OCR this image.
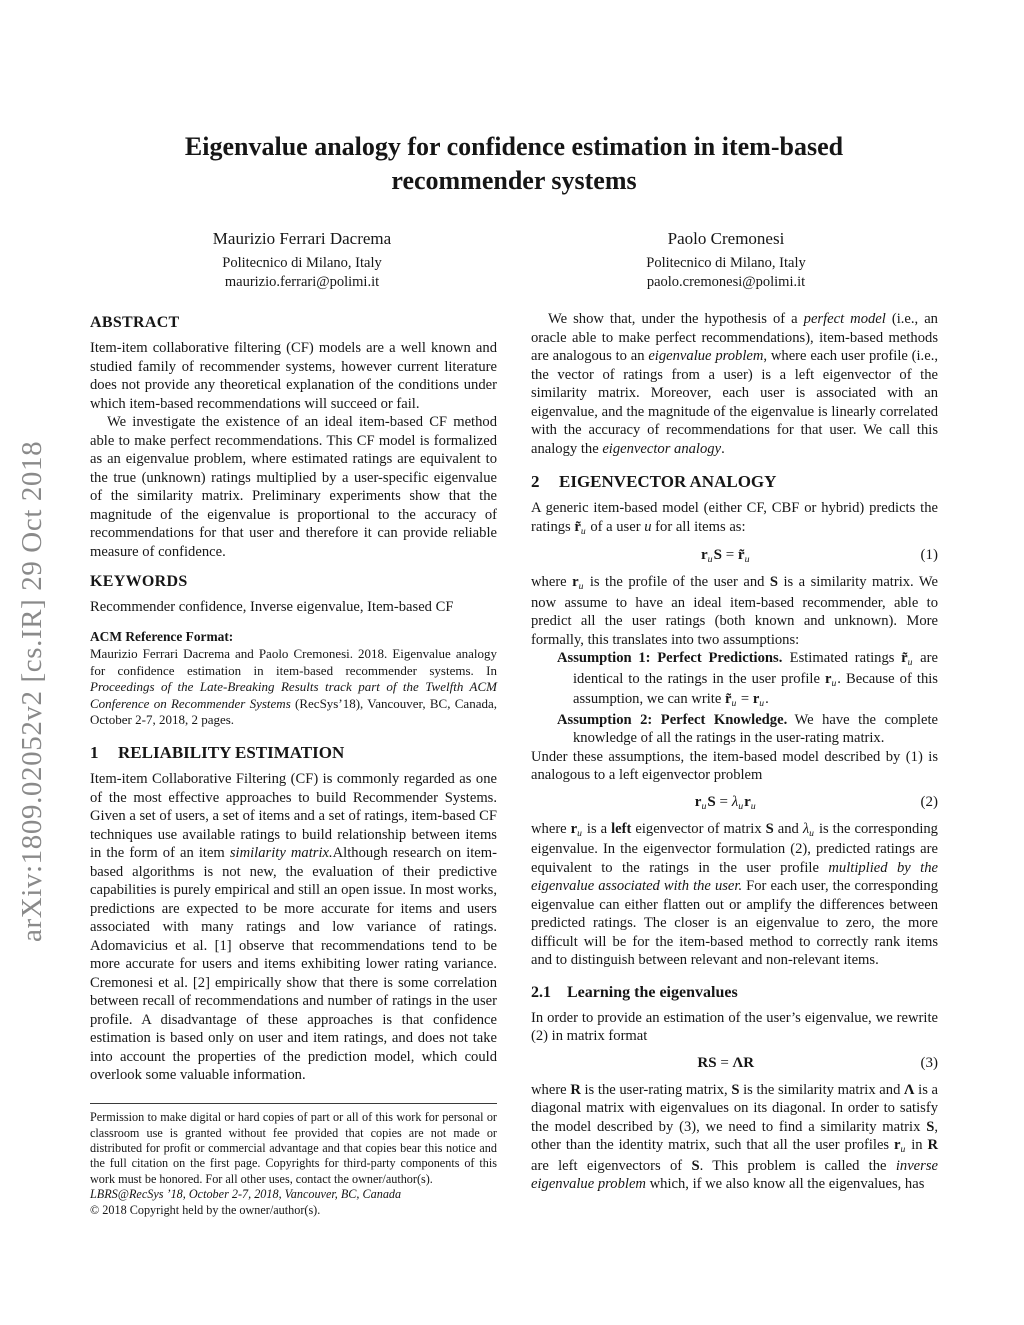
arXiv:1809.02052v2 [cs.IR] 29 Oct 2018
Eigenvalue analogy for confidence estimation in item-based recommender systems
Maurizio Ferrari Dacrema
Politecnico di Milano, Italy
maurizio.ferrari@polimi.it
Paolo Cremonesi
Politecnico di Milano, Italy
paolo.cremonesi@polimi.it
ABSTRACT

Item-item collaborative filtering (CF) models are a well known and studied family of recommender systems, however current literature does not provide any theoretical explanation of the conditions under which item-based recommendations will succeed or fail.

We investigate the existence of an ideal item-based CF method able to make perfect recommendations. This CF model is formalized as an eigenvalue problem, where estimated ratings are equivalent to the true (unknown) ratings multiplied by a user-specific eigenvalue of the similarity matrix. Preliminary experiments show that the magnitude of the eigenvalue is proportional to the accuracy of recommendations for that user and therefore it can provide reliable measure of confidence.

KEYWORDS

Recommender confidence, Inverse eigenvalue, Item-based CF

ACM Reference Format:
Maurizio Ferrari Dacrema and Paolo Cremonesi. 2018. Eigenvalue analogy for confidence estimation in item-based recommender systems. In Proceedings of the Late-Breaking Results track part of the Twelfth ACM Conference on Recommender Systems (RecSys’18), Vancouver, BC, Canada, October 2-7, 2018, 2 pages.
1 RELIABILITY ESTIMATION

Item-item Collaborative Filtering (CF) is commonly regarded as one of the most effective approaches to build Recommender Systems. Given a set of users, a set of items and a set of ratings, item-based CF techniques use available ratings to build relationship between items in the form of an item similarity matrix.Although research on item-based algorithms is not new, the evaluation of their predictive capabilities is purely empirical and still an open issue. In most works, predictions are expected to be more accurate for items and users associated with many ratings and low variance of ratings. Adomavicius et al. [1] observe that recommendations tend to be more accurate for users and items exhibiting lower rating variance. Cremonesi et al. [2] empirically show that there is some correlation between recall of recommendations and number of ratings in the user profile. A disadvantage of these approaches is that confidence estimation is based only on user and item ratings, and does not take into account the properties of the prediction model, which could overlook some valuable information.

Permission to make digital or hard copies of part or all of this work for personal or classroom use is granted without fee provided that copies are not made or distributed for profit or commercial advantage and that copies bear this notice and the full citation on the first page. Copyrights for third-party components of this work must be honored. For all other uses, contact the owner/author(s).
LBRS@RecSys ’18, October 2-7, 2018, Vancouver, BC, Canada
© 2018 Copyright held by the owner/author(s).

We show that, under the hypothesis of a perfect model (i.e., an oracle able to make perfect recommendations), item-based methods are analogous to an eigenvalue problem, where each user profile (i.e., the vector of ratings from a user) is a left eigenvector of the similarity matrix. Moreover, each user is associated with an eigenvalue, and the magnitude of the eigenvalue is linearly correlated with the accuracy of recommendations for that user. We call this analogy the eigenvector analogy.

2 EIGENVECTOR ANALOGY

A generic item-based model (either CF, CBF or hybrid) predicts the ratings $r̃_u$ of a user u for all items as:

$r_uS$ = $r̃_u$	(1)

where $r_u$ is the profile of the user and S is a similarity matrix. We now assume to have an ideal item-based recommender, able to predict all the user ratings (both known and unknown). More formally, this translates into two assumptions:

Assumption 1: Perfect Predictions. Estimated ratings $r̃_u$ are identical to the ratings in the user profile $r_u$. Because of this assumption, we can write $r̃_u = r_u$.

Assumption 2: Perfect Knowledge. We have the complete knowledge of all the ratings in the user-rating matrix.

Under these assumptions, the item-based model described by (1) is analogous to a left eigenvector problem

$r_uS = \lambda_ur_u$	(2)

where $r_u$ is a left eigenvector of matrix S and $\lambda_u$ is the corresponding eigenvalue. In the eigenvector formulation (2), predicted ratings are equivalent to the ratings in the user profile multiplied by the eigenvalue associated with the user. For each user, the corresponding eigenvalue can either flatten out or amplify the differences between predicted ratings. The closer is an eigenvalue to zero, the more difficult will be for the item-based method to correctly rank items and to distinguish between relevant and non-relevant items.

2.1 Learning the eigenvalues

In order to provide an estimation of the user’s eigenvalue, we rewrite (2) in matrix format

RS = ΛR	(3)

where R is the user-rating matrix, S is the similarity matrix and Λ is a diagonal matrix with eigenvalues on its diagonal. In order to satisfy the model described by (3), we need to find a similarity matrix S, other than the identity matrix, such that all the user profiles $r_u$ in R are left eigenvectors of S. This problem is called the inverse eigenvalue problem which, if we also know all the eigenvalues, has
